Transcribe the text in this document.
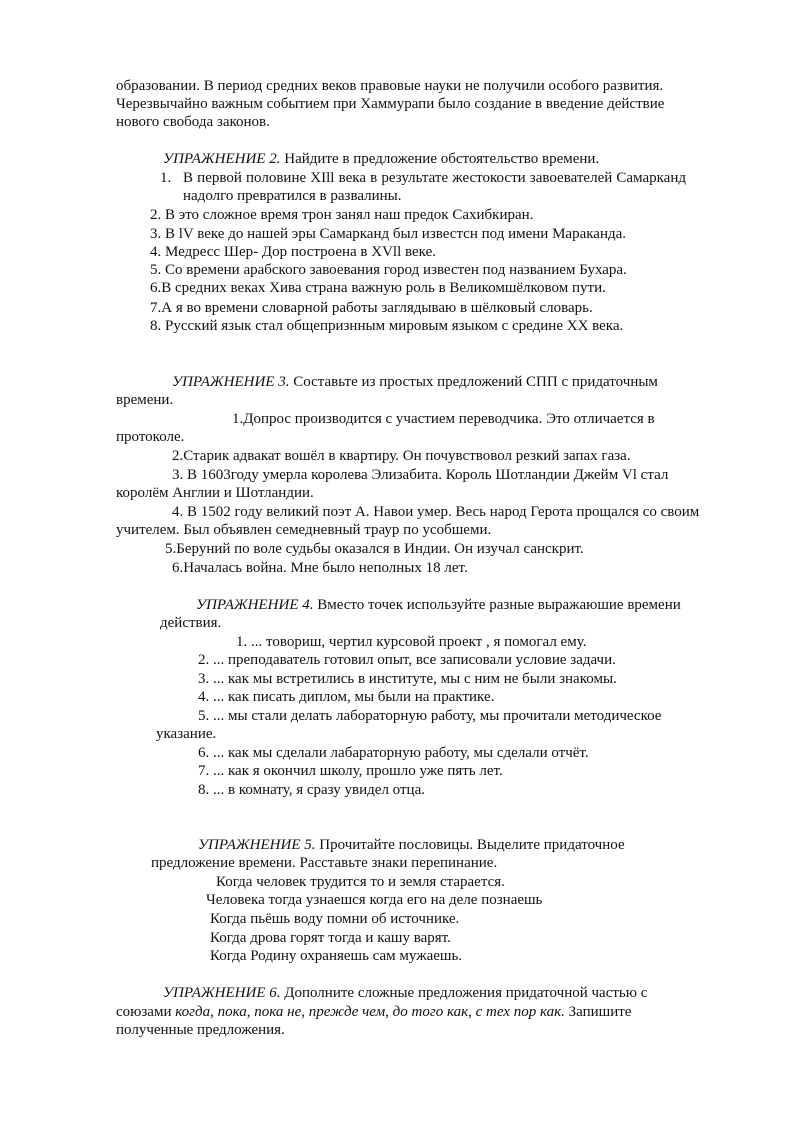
образовании. В период средних веков правовые науки не получили особого развития.
Черезвычайно важным событием при Хаммурапи было создание в введение действие
нового свобода законов.
УПРАЖНЕНИЕ 2. Найдите в предложение обстоятельство времени.
1. В первой половине XIll века в результате жестокости завоевателей Самарканд
надолго превратился в развалины.
2. В это сложное время трон занял наш предок Сахибкиран.
3. В lV веке до нашей эры Самарканд был известсн под имени Мараканда.
4. Медресс Шер- Дор построена в XVll веке.
5. Со времени арабского завоевания город известен под названием Бухара.
6.В средних веках Хива страна важную роль в Великомшёлковом пути.
7.А я во времени словарной работы заглядываю в шёлковый словарь.
8. Русский язык стал общепризнным мировым языком с средине XX века.
УПРАЖНЕНИЕ 3. Составьте из простых предложений СПП с придаточным
времени.
1.Допрос производится с участием переводчика. Это отличается в
протоколе.
2.Старик адвакат вошёл в квартиру. Он почувствовол резкий запах газа.
3. В 1603году умерла королева Элизабита. Король Шотландии Джейм Vl стал
королём Англии и Шотландии.
4. В 1502 году великий поэт А. Навои умер. Весь народ Герота прощался со своим
учителем. Был объявлен семедневный траур по усобшеми.
5.Беруний по воле судьбы оказался в Индии. Он изучал санскрит.
6.Началась война. Мне было неполных 18 лет.
УПРАЖНЕНИЕ 4. Вместо точек используйте разные выражаюшие времени
действия.
1. ... товориш, чертил курсовой проект , я помогал ему.
2. ... преподаватель готовил опыт, все записовали условие задачи.
3. ... как мы встретились в институте, мы с ним не были знакомы.
4. ... как писать диплом, мы были на практике.
5. ... мы стали делать лабораторную работу, мы прочитали методическое
указание.
6. ... как мы сделали лабараторную работу, мы сделали отчёт.
7. ... как я окончил школу, прошло уже пять лет.
8. ... в комнату, я сразу увидел отца.
УПРАЖНЕНИЕ 5. Прочитайте пословицы. Выделите придаточное
предложение времени. Расставьте знаки перепинание.
Когда человек трудится то и земля старается.
Человека тогда узнаешся когда его на деле познаешь
Когда пьёшь воду помни об источнике.
Когда дрова горят тогда и кашу варят.
Когда Родину охраняешь сам мужаешь.
УПРАЖНЕНИЕ 6. Дополните сложные предложения придаточной частью с
союзами когда, пока, пока не, прежде чем, до того как, с тех пор как. Запишите
полученные предложения.
